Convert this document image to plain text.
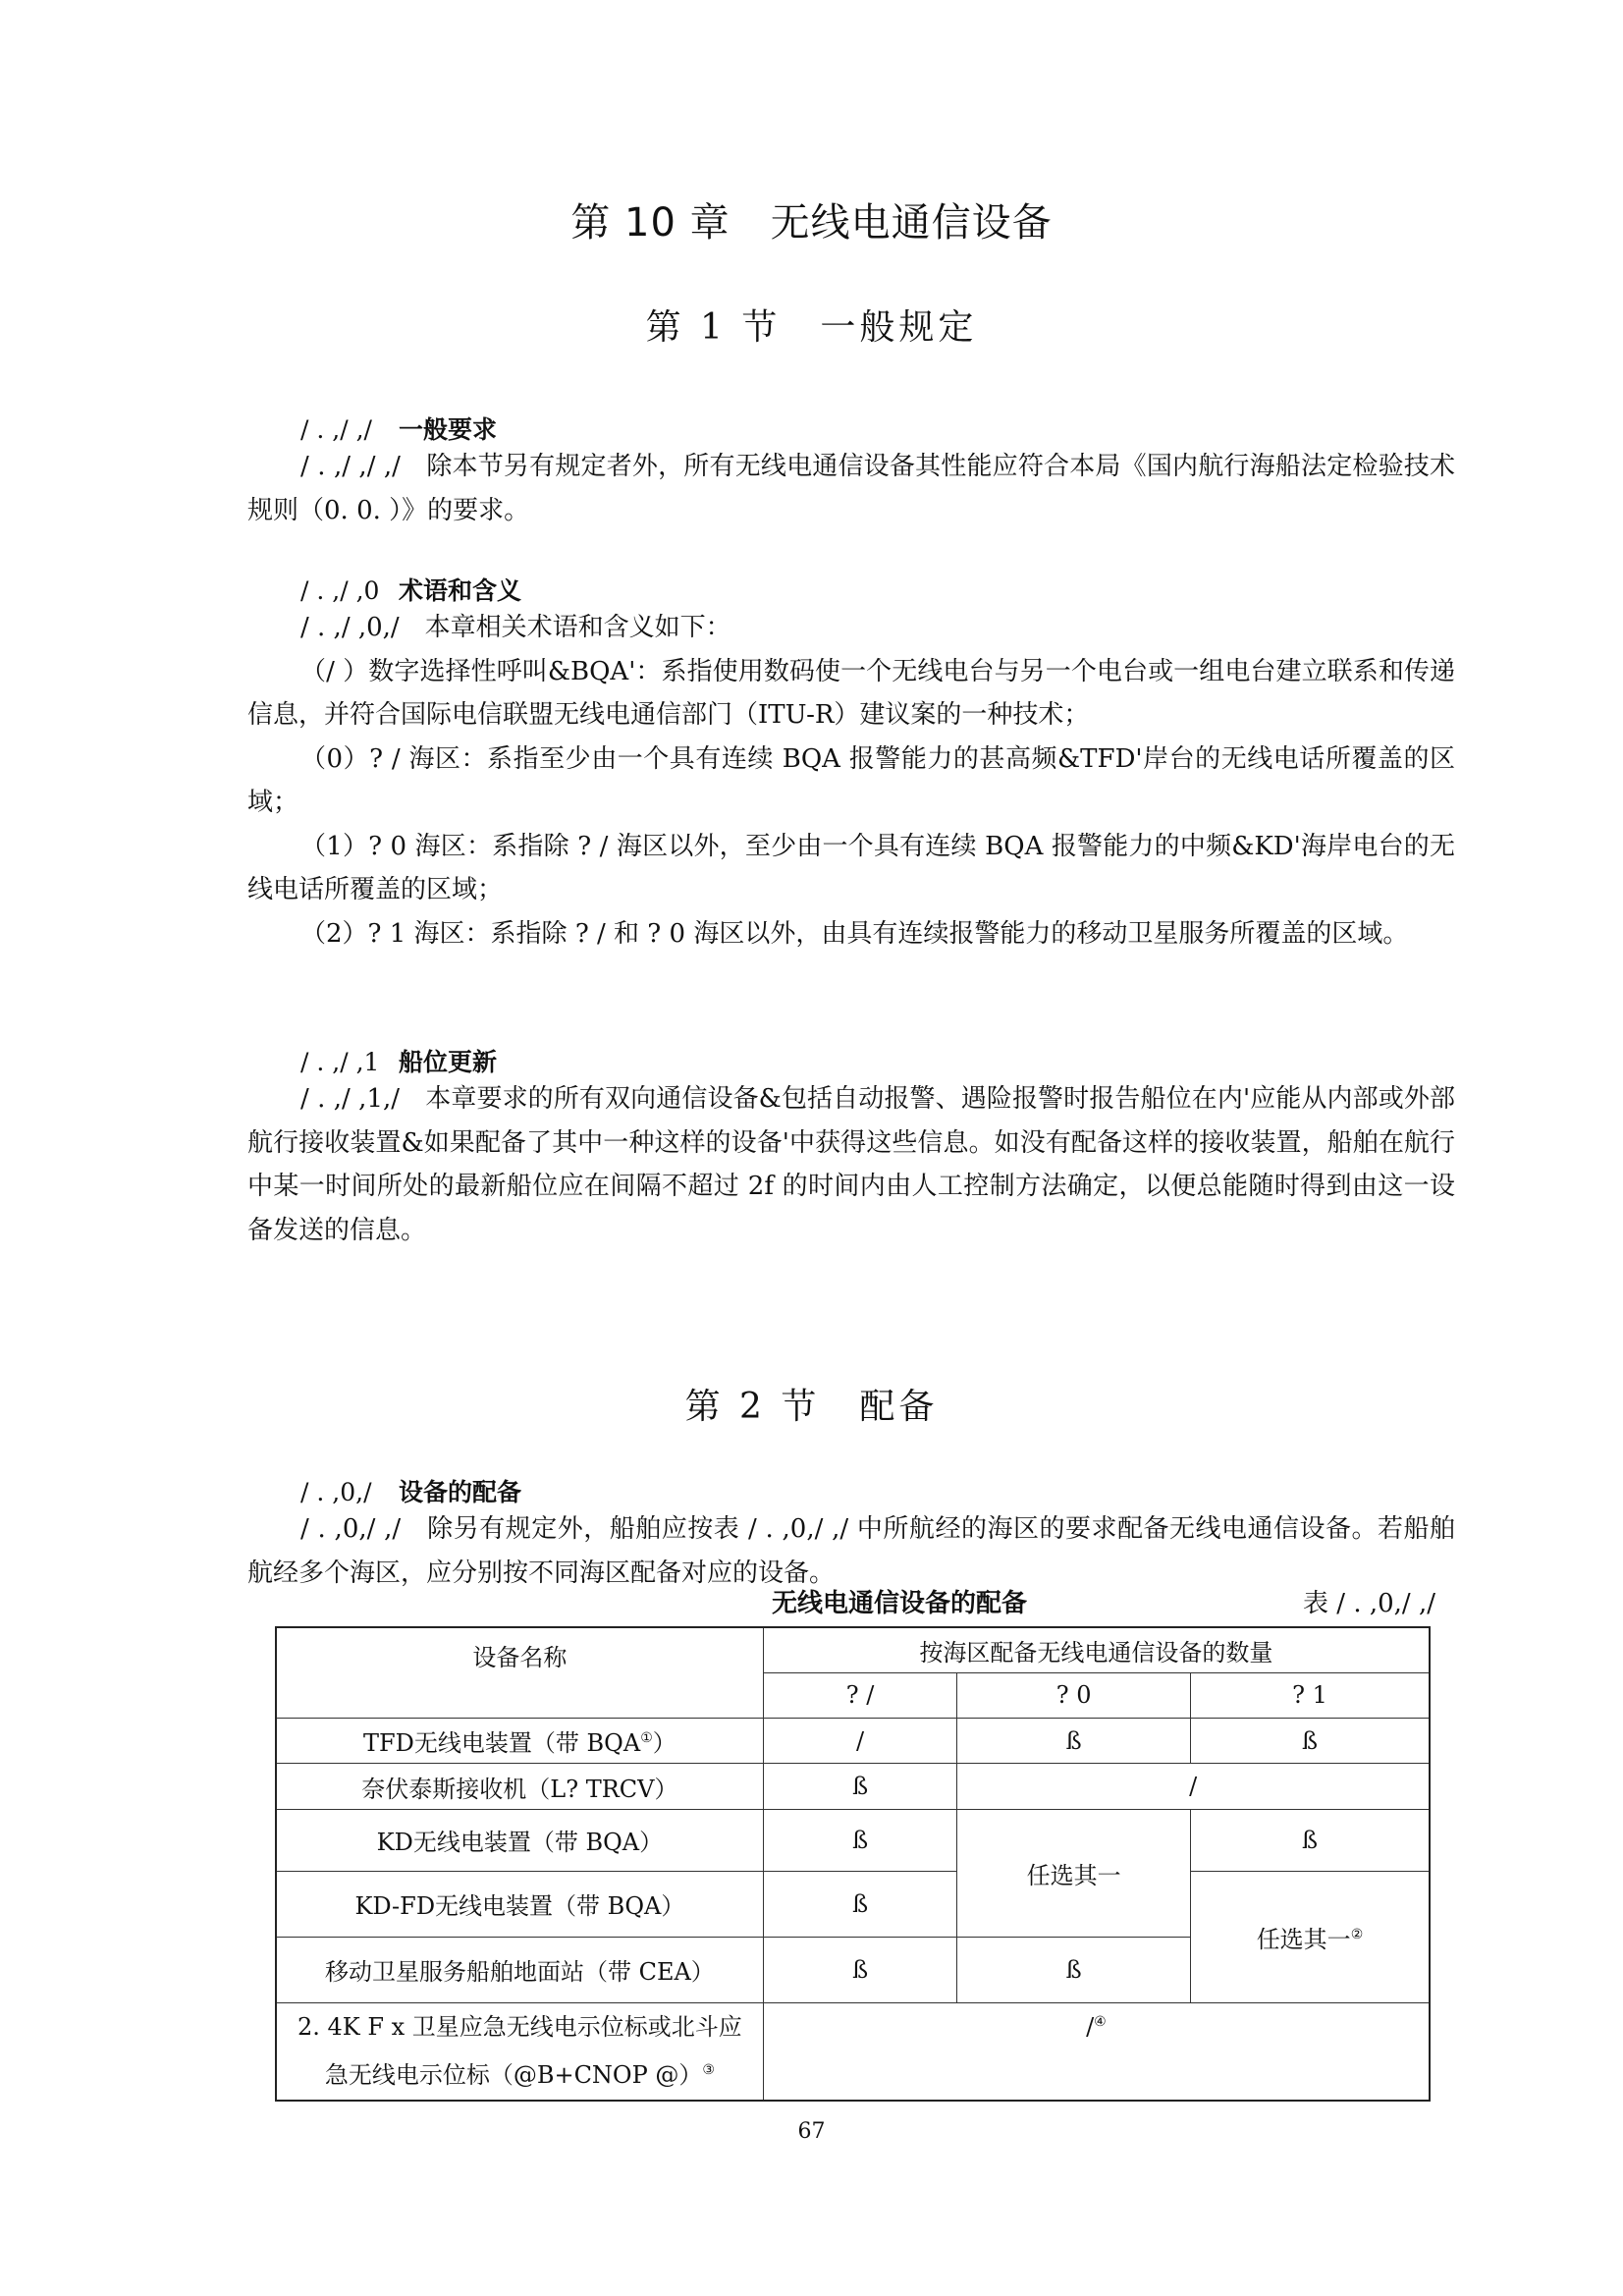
第 10 章　无线电通信设备
第 1 节　一般规定
/ . ,/ ,/ 一般要求

/ . ,/ ,/ ,/　除本节另有规定者外，所有无线电通信设备其性能应符合本局《国内航行海船法定检验技术规则（0. 0. ）》的要求。

/ . ,/ ,0 术语和含义

/ . ,/ ,0,/　本章相关术语和含义如下：

（/ ）数字选择性呼叫&BQA'：系指使用数码使一个无线电台与另一个电台或一组电台建立联系和传递信息，并符合国际电信联盟无线电通信部门（ITU-R）建议案的一种技术；

（0）? / 海区：系指至少由一个具有连续 BQA 报警能力的甚高频&TFD'岸台的无线电话所覆盖的区域；

（1）? 0 海区：系指除 ? / 海区以外，至少由一个具有连续 BQA 报警能力的中频&KD'海岸电台的无线电话所覆盖的区域；

（2）? 1 海区：系指除 ? / 和 ? 0 海区以外，由具有连续报警能力的移动卫星服务所覆盖的区域。

/ . ,/ ,1 船位更新

/ . ,/ ,1,/　本章要求的所有双向通信设备&包括自动报警、遇险报警时报告船位在内'应能从内部或外部航行接收装置&如果配备了其中一种这样的设备'中获得这些信息。如没有配备这样的接收装置，船舶在航行中某一时间所处的最新船位应在间隔不超过 2f 的时间内由人工控制方法确定，以便总能随时得到由这一设备发送的信息。

第 2 节　配备
/ . ,0,/ 设备的配备

/ . ,0,/ ,/　除另有规定外，船舶应按表 / . ,0,/ ,/ 中所航经的海区的要求配备无线电通信设备。若船舶航经多个海区，应分别按不同海区配备对应的设备。

无线电通信设备的配备	表 / . ,0,/ ,/
设备名称	按海区配备无线电通信设备的数量		
	? /	? 0	? 1
TFD无线电装置（带 BQA①）	/	ß	ß
奈伏泰斯接收机（L? TRCV）	ß	/	
KD无线电装置（带 BQA）	ß	任选其一	ß
KD-FD无线电装置（带 BQA）	ß		任选其一②
移动卫星服务船舶地面站（带 CEA）	ß	ß	
2. 4K F x 卫星应急无线电示位标或北斗应
急无线电示位标（@B+CNOP @）③	/④
67
